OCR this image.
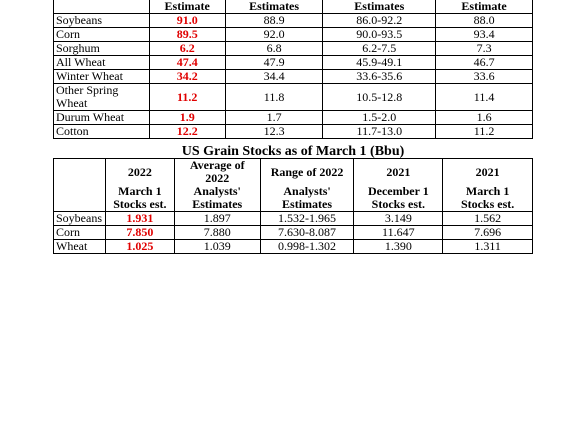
	Estimate	Estimates	Estimates	Estimate
Soybeans	91.0	88.9	86.0-92.2	88.0
Corn	89.5	92.0	90.0-93.5	93.4
Sorghum	6.2	6.8	6.2-7.5	7.3
All Wheat	47.4	47.9	45.9-49.1	46.7
Winter Wheat	34.2	34.4	33.6-35.6	33.6
Other Spring Wheat	11.2	11.8	10.5-12.8	11.4
Durum Wheat	1.9	1.7	1.5-2.0	1.6
Cotton	12.2	12.3	11.7-13.0	11.2
US Grain Stocks as of March 1 (Bbu)
	2022	Average of 2022	Range of 2022	2021	2021
	March 1	Analysts'	Analysts'	December 1	March 1
	Stocks est.	Estimates	Estimates	Stocks est.	Stocks est.
Soybeans	1.931	1.897	1.532-1.965	3.149	1.562
Corn	7.850	7.880	7.630-8.087	11.647	7.696
Wheat	1.025	1.039	0.998-1.302	1.390	1.311
